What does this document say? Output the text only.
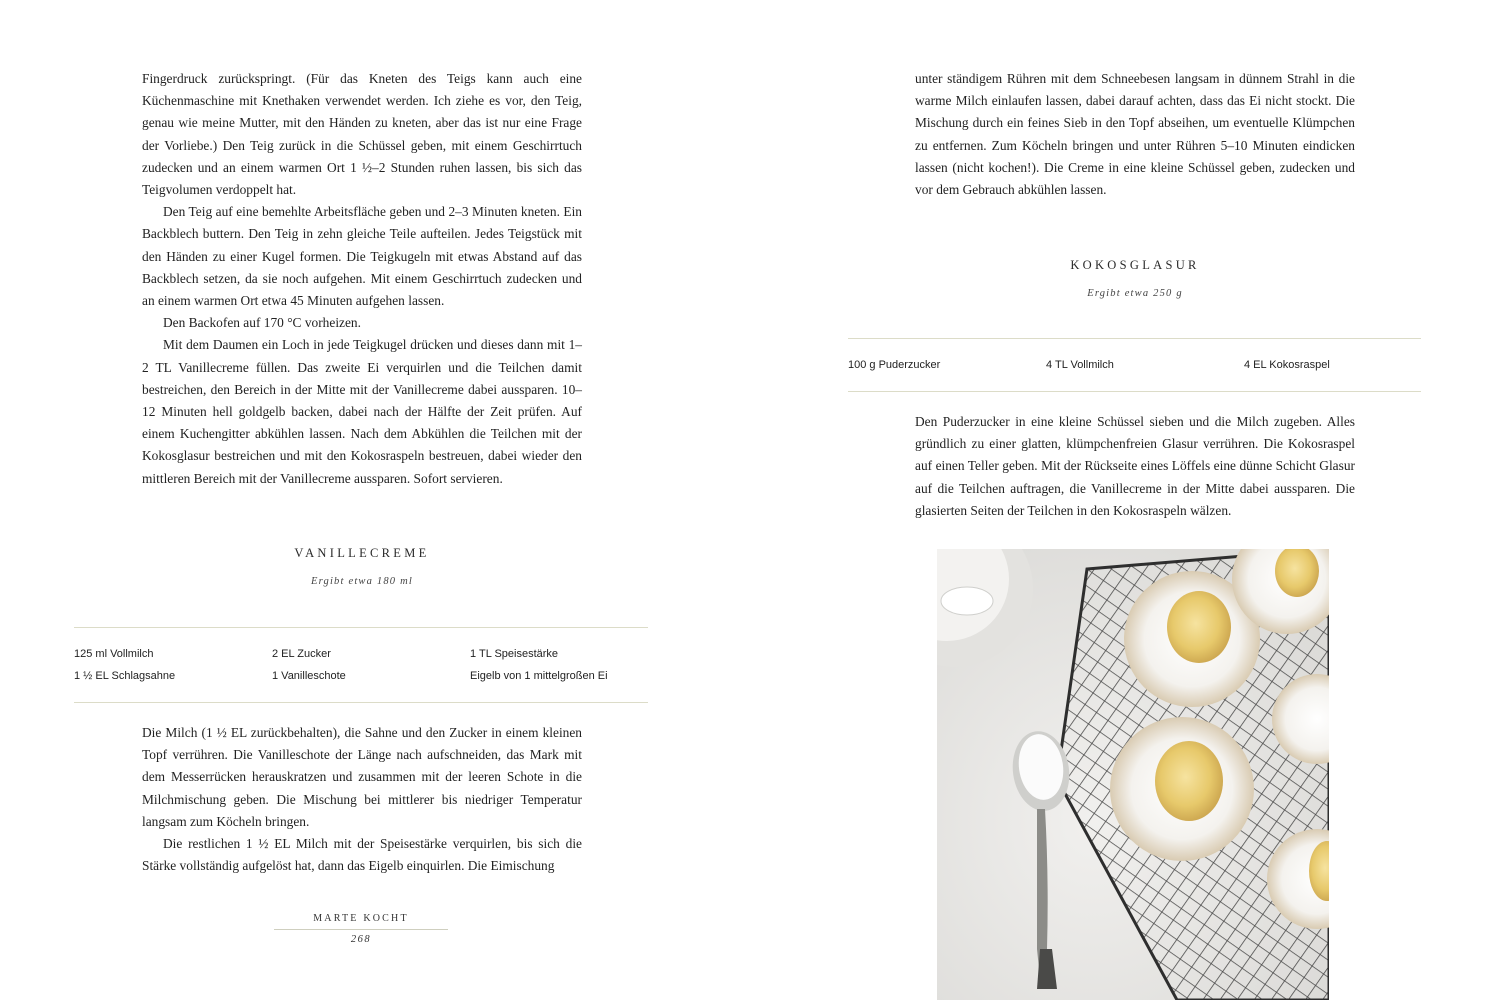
Fingerdruck zurückspringt. (Für das Kneten des Teigs kann auch eine Küchenmaschine mit Knethaken verwendet werden. Ich ziehe es vor, den Teig, genau wie meine Mutter, mit den Händen zu kneten, aber das ist nur eine Frage der Vorliebe.) Den Teig zurück in die Schüssel geben, mit einem Geschirrtuch zudecken und an einem warmen Ort 1 ½–2 Stunden ruhen lassen, bis sich das Teigvolumen verdoppelt hat.

Den Teig auf eine bemehlte Arbeitsfläche geben und 2–3 Minuten kneten. Ein Backblech buttern. Den Teig in zehn gleiche Teile aufteilen. Jedes Teigstück mit den Händen zu einer Kugel formen. Die Teigkugeln mit etwas Abstand auf das Backblech setzen, da sie noch aufgehen. Mit einem Geschirrtuch zudecken und an einem warmen Ort etwa 45 Minuten aufgehen lassen.

Den Backofen auf 170 °C vorheizen.

Mit dem Daumen ein Loch in jede Teigkugel drücken und dieses dann mit 1–2 TL Vanillecreme füllen. Das zweite Ei verquirlen und die Teilchen damit bestreichen, den Bereich in der Mitte mit der Vanillecreme dabei aussparen. 10–12 Minuten hell goldgelb backen, dabei nach der Hälfte der Zeit prüfen. Auf einem Kuchengitter abkühlen lassen. Nach dem Abkühlen die Teilchen mit der Kokosglasur bestreichen und mit den Kokosraspeln bestreuen, dabei wieder den mittleren Bereich mit der Vanillecreme aussparen. Sofort servieren.

VANILLECREME
Ergibt etwa 180 ml
125 ml Vollmilch	2 EL Zucker	1 TL Speisestärke
1 ½ EL Schlagsahne	1 Vanilleschote	Eigelb von 1 mittelgroßen Ei

Die Milch (1 ½ EL zurückbehalten), die Sahne und den Zucker in einem kleinen Topf verrühren. Die Vanilleschote der Länge nach aufschneiden, das Mark mit dem Messerrücken herauskratzen und zusammen mit der leeren Schote in die Milchmischung geben. Die Mischung bei mittlerer bis niedriger Temperatur langsam zum Köcheln bringen.

Die restlichen 1 ½ EL Milch mit der Speisestärke verquirlen, bis sich die Stärke vollständig aufgelöst hat, dann das Eigelb einquirlen. Die Eimischung

MARTE KOCHT
268

unter ständigem Rühren mit dem Schneebesen langsam in dünnem Strahl in die warme Milch einlaufen lassen, dabei darauf achten, dass das Ei nicht stockt. Die Mischung durch ein feines Sieb in den Topf abseihen, um eventuelle Klümpchen zu entfernen. Zum Köcheln bringen und unter Rühren 5–10 Minuten eindicken lassen (nicht kochen!). Die Creme in eine kleine Schüssel geben, zudecken und vor dem Gebrauch abkühlen lassen.

KOKOSGLASUR
Ergibt etwa 250 g
100 g Puderzucker	4 TL Vollmilch	4 EL Kokosraspel

Den Puderzucker in eine kleine Schüssel sieben und die Milch zugeben. Alles gründlich zu einer glatten, klümpchenfreien Glasur verrühren. Die Kokosraspel auf einen Teller geben. Mit der Rückseite eines Löffels eine dünne Schicht Glasur auf die Teilchen auftragen, die Vanillecreme in der Mitte dabei aussparen. Die glasierten Seiten der Teilchen in den Kokosraspeln wälzen.
